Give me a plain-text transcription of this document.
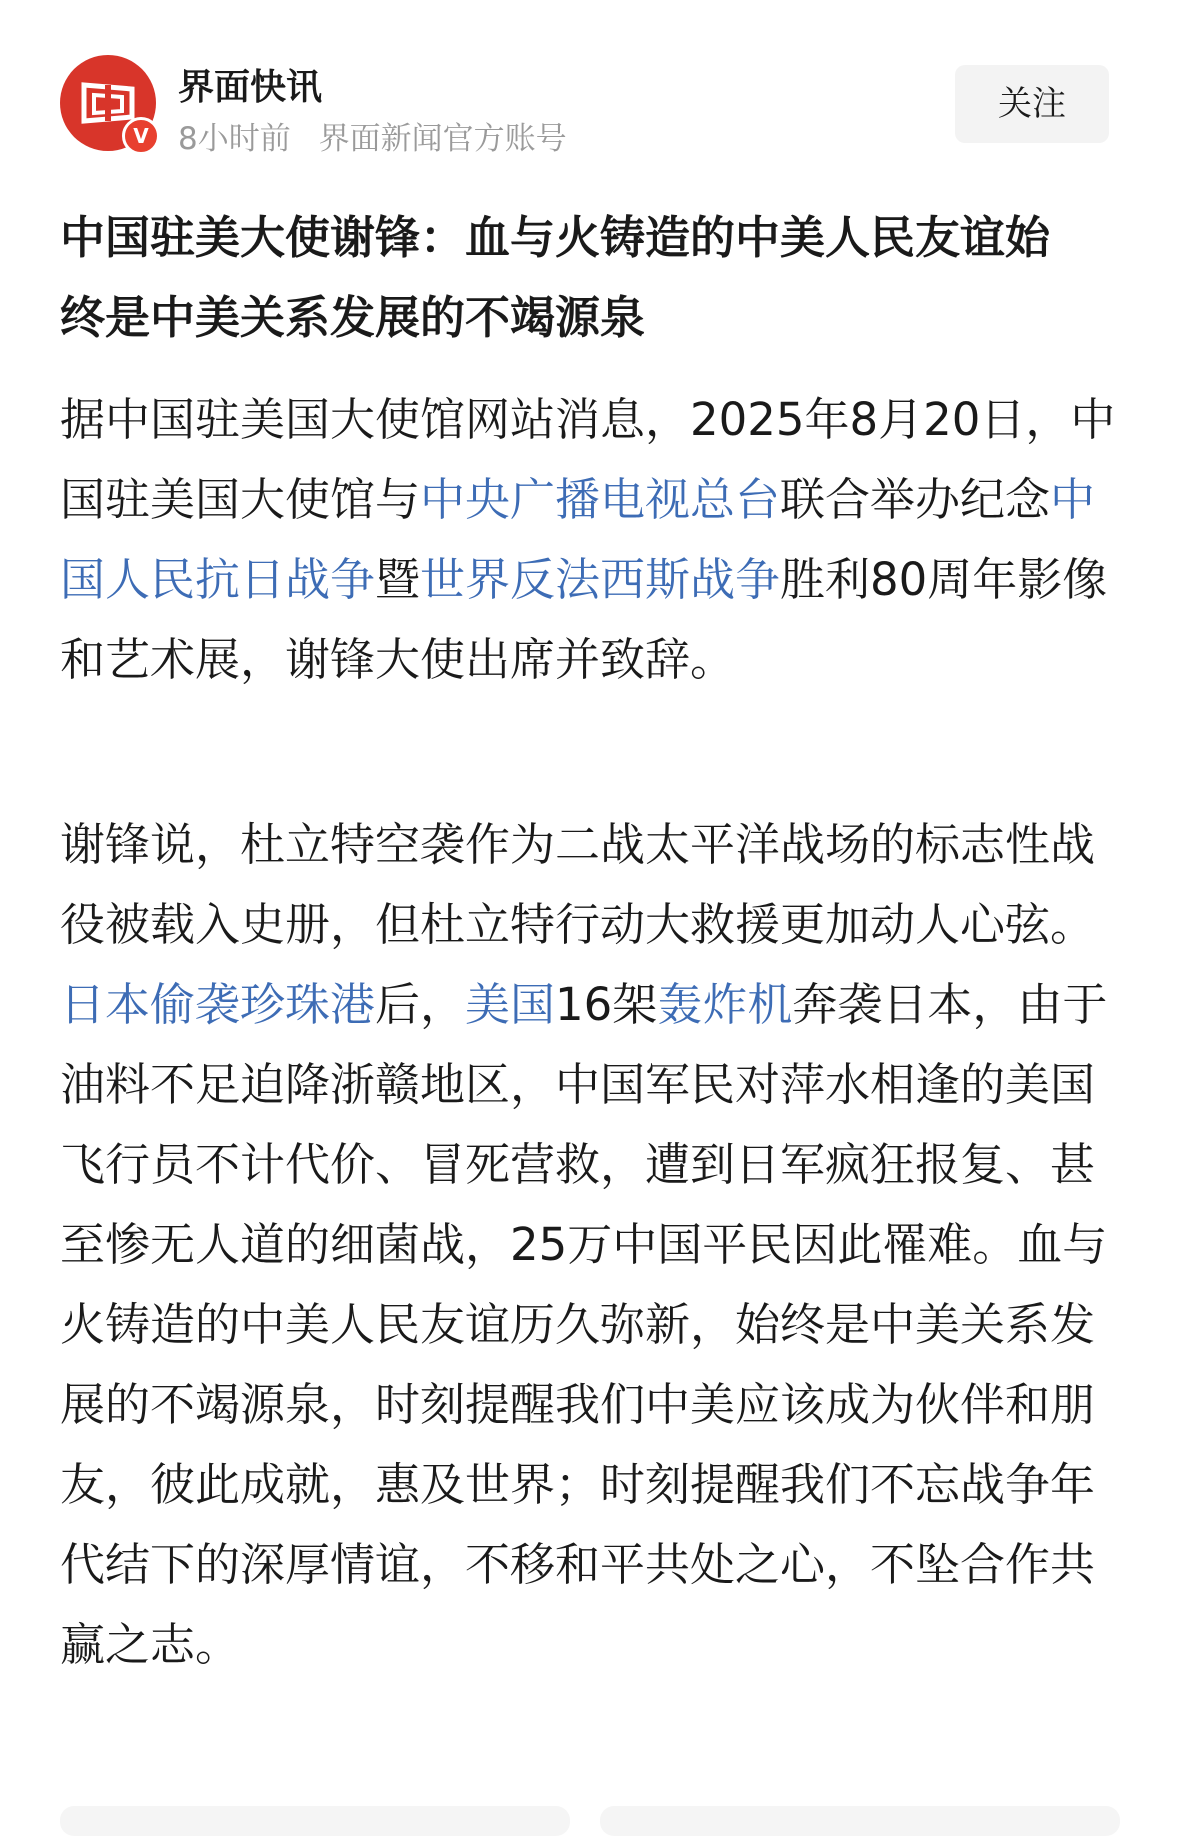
V
界面快讯
8小时前 界面新闻官方账号
关注
中国驻美大使谢锋：血与火铸造的中美人民友谊始终是中美关系发展的不竭源泉

据中国驻美国大使馆网站消息，2025年8月20日，中国驻美国大使馆与中央广播电视总台联合举办纪念中国人民抗日战争暨世界反法西斯战争胜利80周年影像和艺术展，谢锋大使出席并致辞。

谢锋说，杜立特空袭作为二战太平洋战场的标志性战役被载入史册，但杜立特行动大救援更加动人心弦。日本偷袭珍珠港后，美国16架轰炸机奔袭日本，由于油料不足迫降浙赣地区，中国军民对萍水相逢的美国飞行员不计代价、冒死营救，遭到日军疯狂报复、甚至惨无人道的细菌战，25万中国平民因此罹难。血与火铸造的中美人民友谊历久弥新，始终是中美关系发展的不竭源泉，时刻提醒我们中美应该成为伙伴和朋友，彼此成就，惠及世界；时刻提醒我们不忘战争年代结下的深厚情谊，不移和平共处之心，不坠合作共赢之志。
